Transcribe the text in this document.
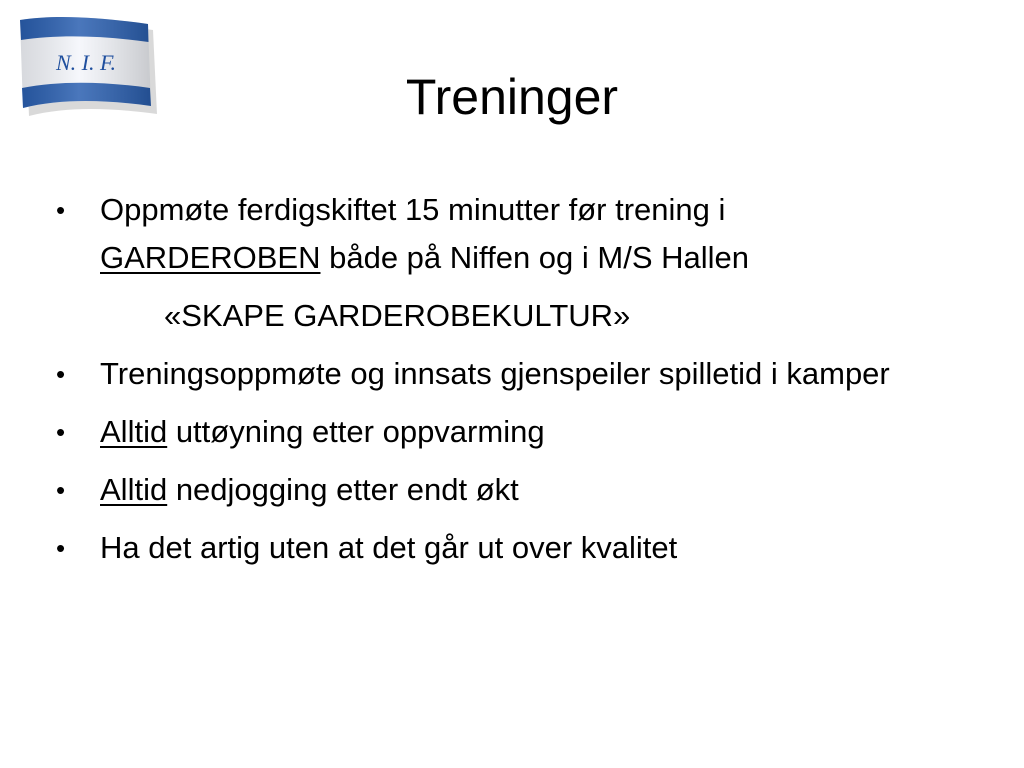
N. I. F.
Treninger
•	Oppmøte ferdigskiftet 15 minutter før trening i
GARDEROBEN både på Niffen og i M/S Hallen
«SKAPE GARDEROBEKULTUR»
•	Treningsoppmøte og innsats gjenspeiler spilletid i kamper
•	Alltid uttøyning etter oppvarming
•	Alltid nedjogging etter endt økt
•	Ha det artig uten at det går ut over kvalitet
